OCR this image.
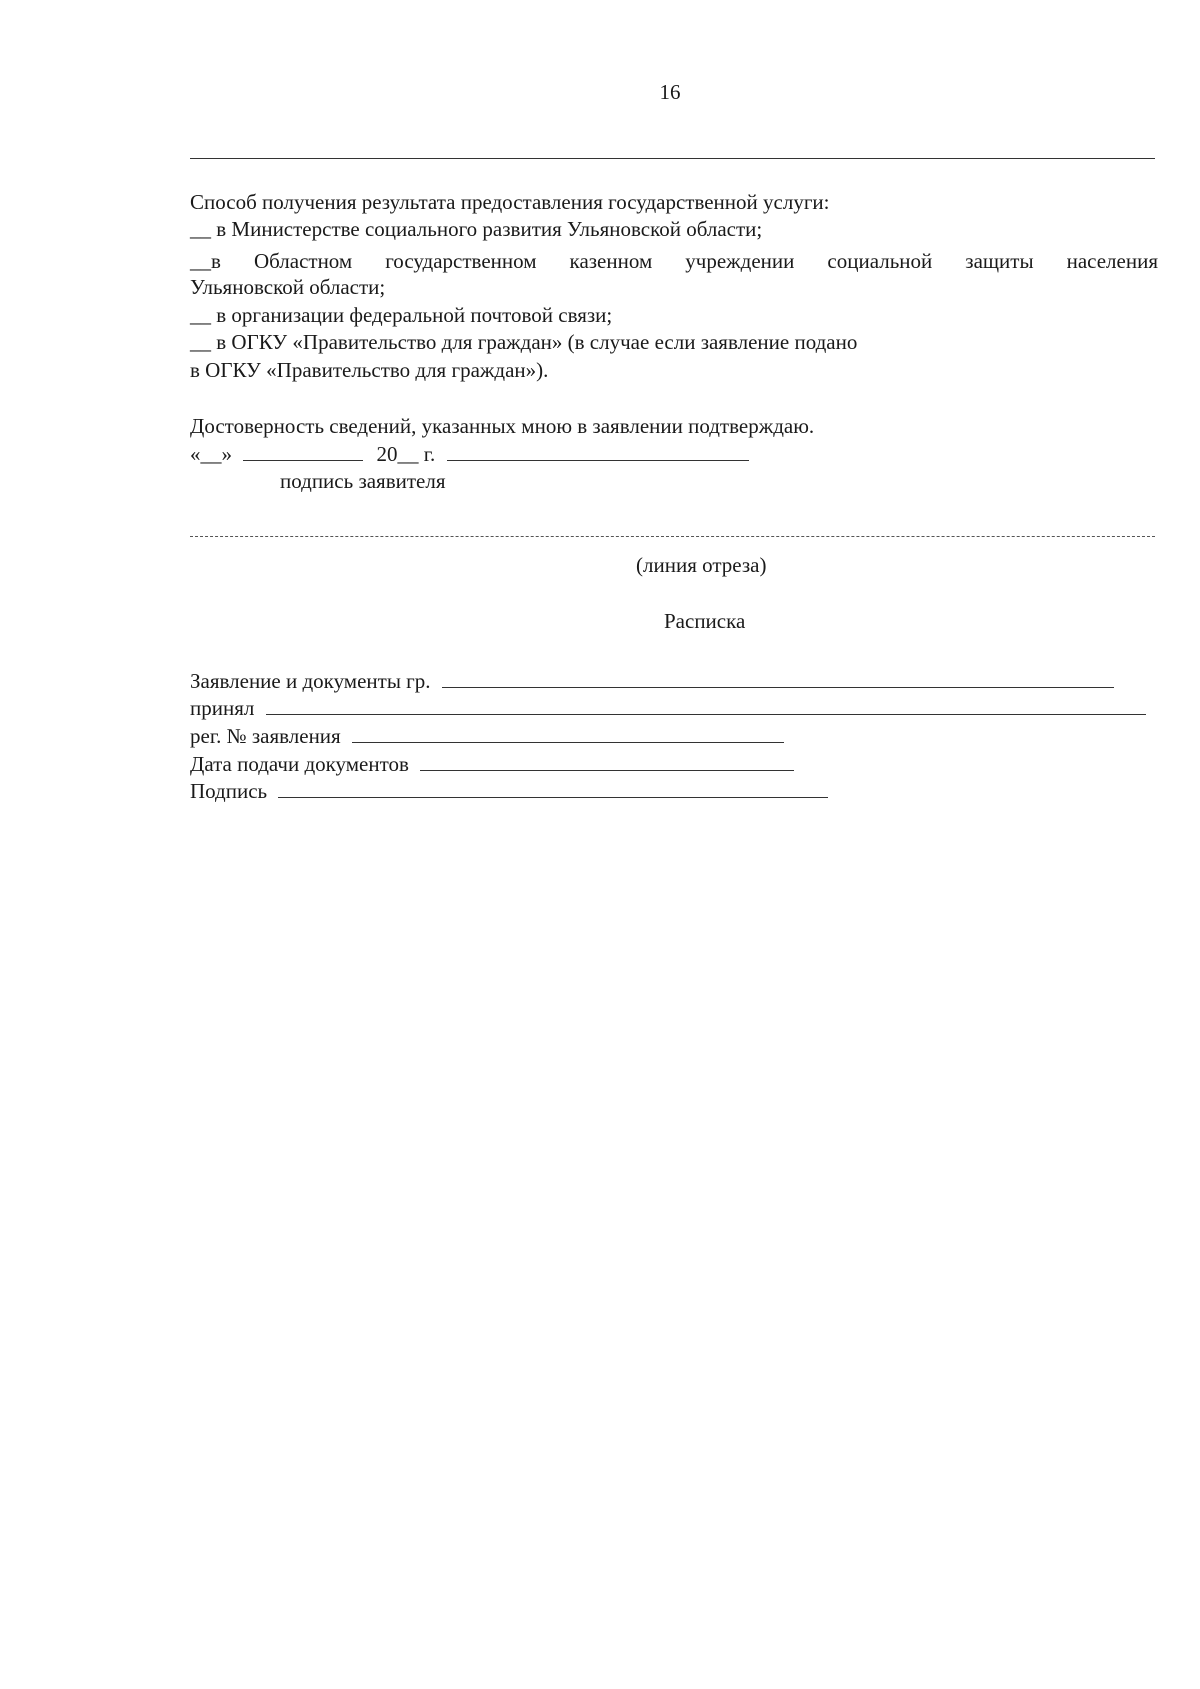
16
Способ получения результата предоставления государственной услуги:
__ в Министерстве социального развития Ульяновской области;
__в Областном государственном казенном учреждении социальной защиты населения
Ульяновской области;
__ в организации федеральной почтовой связи;
__ в ОГКУ «Правительство для граждан» (в случае если заявление подано
в ОГКУ «Правительство для граждан»).
Достоверность сведений, указанных мною в заявлении подтверждаю.
«__»	20__ г.
подпись заявителя
(линия отреза)
Расписка
Заявление и документы гр.
принял
рег. № заявления
Дата подачи документов
Подпись
